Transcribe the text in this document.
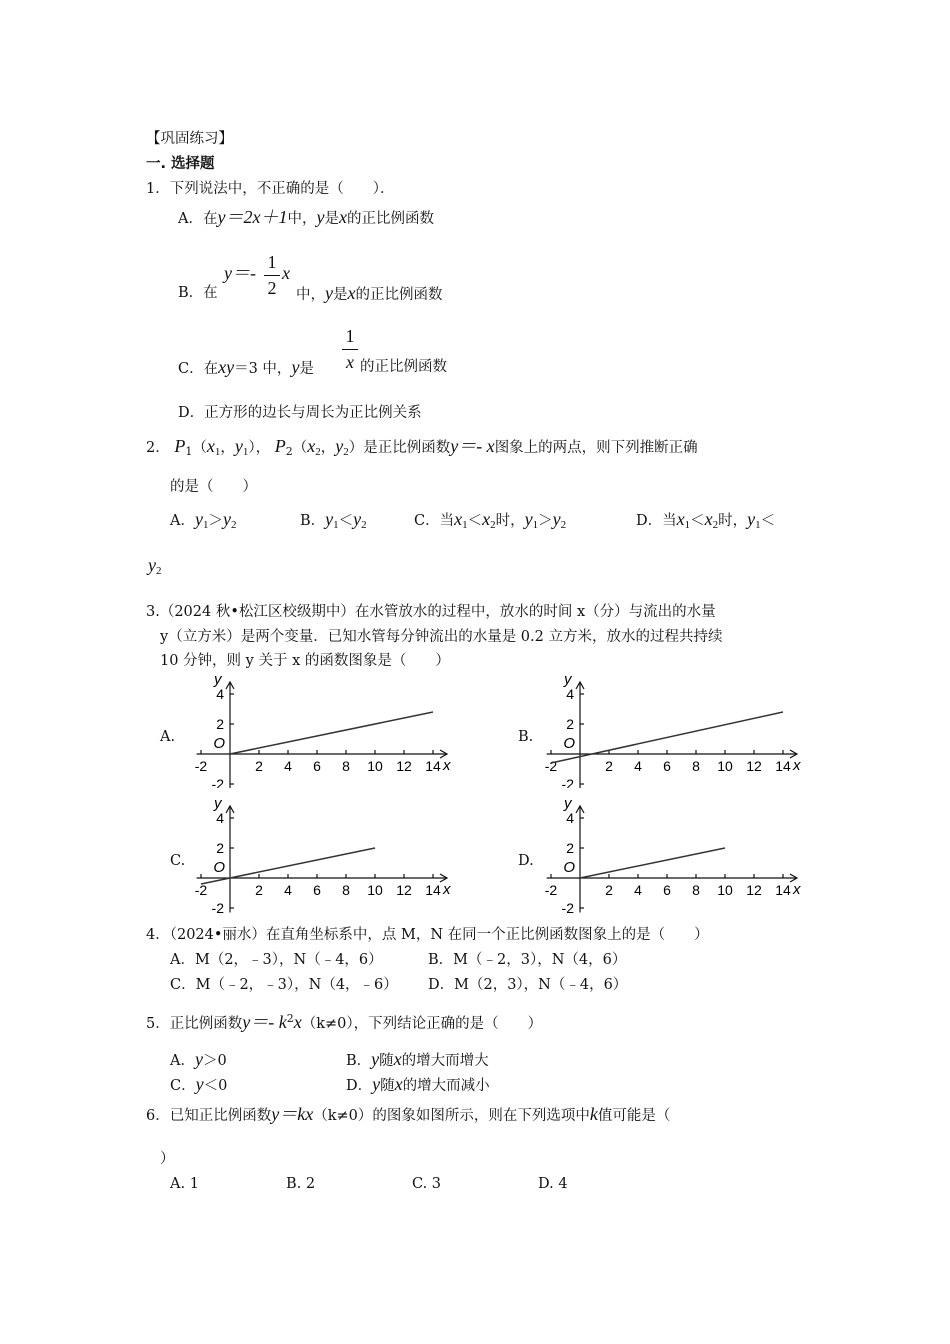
【巩固练习】
一. 选择题
1．下列说法中，不正确的是（　　）．
A．在y＝2x＋1中，y是x的正比例函数
B．在
y＝-
1
2
x
中，y是x的正比例函数
C．在xy＝3 中，y是
1
x 的正比例函数
D．正方形的边长与周长为正比例关系
2． $P_1(x_1$，$y_1$）， $P_2(x_2$，$y_2$）是正比例函数y＝- x图象上的两点，则下列推断正确
的是（　　）
A．$y_1>y_2$	B．$y_1<y_2$	C．当$x_1<x_2$时，$y_1>y_2$	D．当$x_1<x_2$时，$y_1<$
$y_2$
3.（2024 秋•松江区校级期中）在水管放水的过程中，放水的时间 x（分）与流出的水量
y（立方米）是两个变量．已知水管每分钟流出的水量是 0.2 立方米，放水的过程共持续
10 分钟，则 y 关于 x 的函数图象是（　　）
A.	B.
C.	D.
-2	2 4 6 8 10 12 14
4
2
-2
O
x
y
-2	2 4 6 8 10 12 14
4
2
-2
O
x
y
-2	2 4 6 8 10 12 14
4
2
-2
O
x
y
-2	2 4 6 8 10 12 14
4
2
-2
O
x
y
4．（2024•丽水）在直角坐标系中，点 M，N 在同一个正比例函数图象上的是（　　）
A．M（2，﹣3），N（﹣4，6）	B．M（﹣2，3），N（4，6）
C．M（﹣2，﹣3），N（4，﹣6） D．M（2，3），N（﹣4，6）
5．正比例函数y＝- $k^2x(k\ne 0)$，下列结论正确的是（　　）
A．y＞0	B．y随x的增大而增大
C．y＜0	D．y随x的增大而减小
6．已知正比例函数y＝kx（k≠0）的图象如图所示，则在下列选项中k值可能是（
）
A. 1	B. 2	C. 3	D. 4
